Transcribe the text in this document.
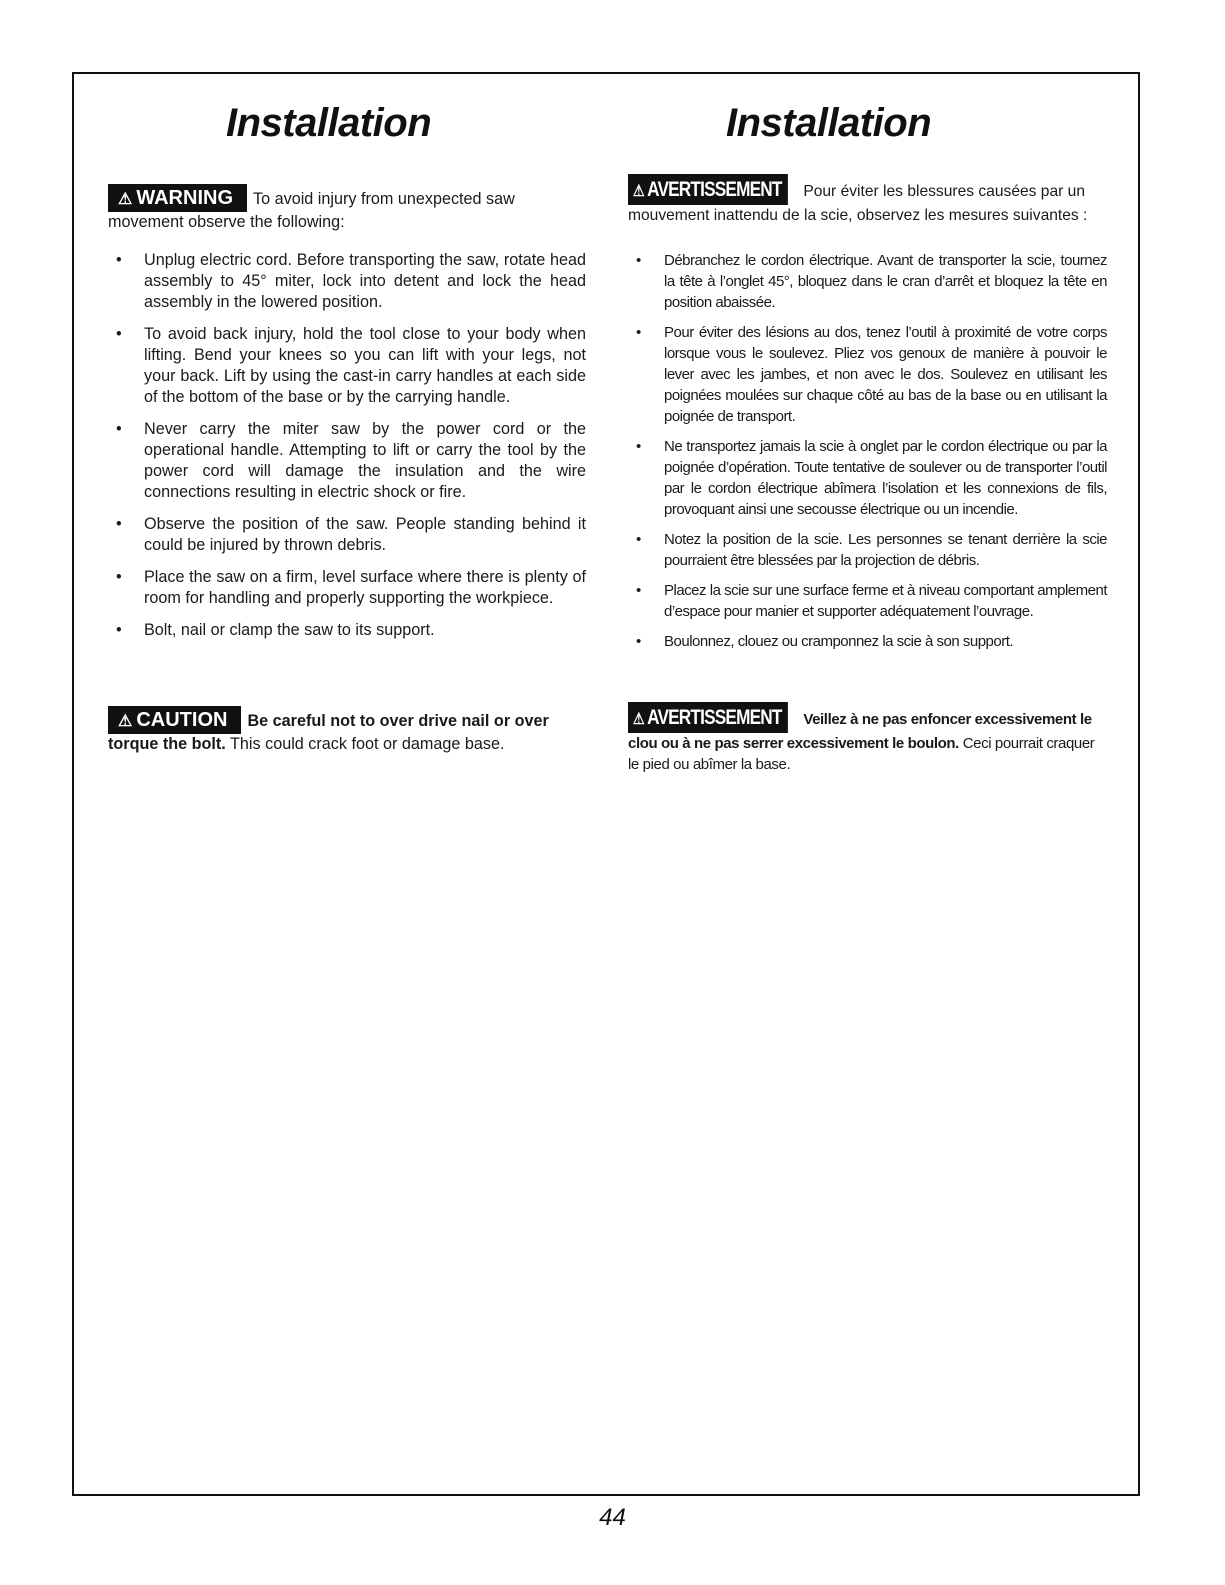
Installation
⚠ WARNING To avoid injury from unexpected saw movement observe the following:
• Unplug electric cord. Before transporting the saw, rotate head assembly to 45° miter, lock into detent and lock the head assembly in the lowered position.
• To avoid back injury, hold the tool close to your body when lifting. Bend your knees so you can lift with your legs, not your back. Lift by using the cast-in carry handles at each side of the bottom of the base or by the carrying handle.
• Never carry the miter saw by the power cord or the operational handle. Attempting to lift or carry the tool by the power cord will damage the insulation and the wire connections resulting in electric shock or fire.
• Observe the position of the saw. People standing behind it could be injured by thrown debris.
• Place the saw on a firm, level surface where there is plenty of room for handling and properly supporting the workpiece.
• Bolt, nail or clamp the saw to its support.
⚠ CAUTION Be careful not to over drive nail or over torque the bolt. This could crack foot or damage base.
Installation
⚠ AVERTISSEMENT Pour éviter les blessures causées par un mouvement inattendu de la scie, observez les mesures suivantes :
• Débranchez le cordon électrique. Avant de transporter la scie, tournez la tête à l’onglet 45°, bloquez dans le cran d’arrêt et bloquez la tête en position abaissée.
• Pour éviter des lésions au dos, tenez l’outil à proximité de votre corps lorsque vous le soulevez. Pliez vos genoux de manière à pouvoir le lever avec les jambes, et non avec le dos. Soulevez en utilisant les poignées moulées sur chaque côté au bas de la base ou en utilisant la poignée de transport.
• Ne transportez jamais la scie à onglet par le cordon électrique ou par la poignée d’opération. Toute tentative de soulever ou de transporter l’outil par le cordon électrique abîmera l’isolation et les connexions de fils, provoquant ainsi une secousse électrique ou un incendie.
• Notez la position de la scie. Les personnes se tenant derrière la scie pourraient être blessées par la projection de débris.
• Placez la scie sur une surface ferme et à niveau comportant amplement d’espace pour manier et supporter adéquatement l’ouvrage.
• Boulonnez, clouez ou cramponnez la scie à son support.
⚠ AVERTISSEMENT Veillez à ne pas enfoncer excessivement le clou ou à ne pas serrer excessivement le boulon. Ceci pourrait craquer le pied ou abîmer la base.
44
